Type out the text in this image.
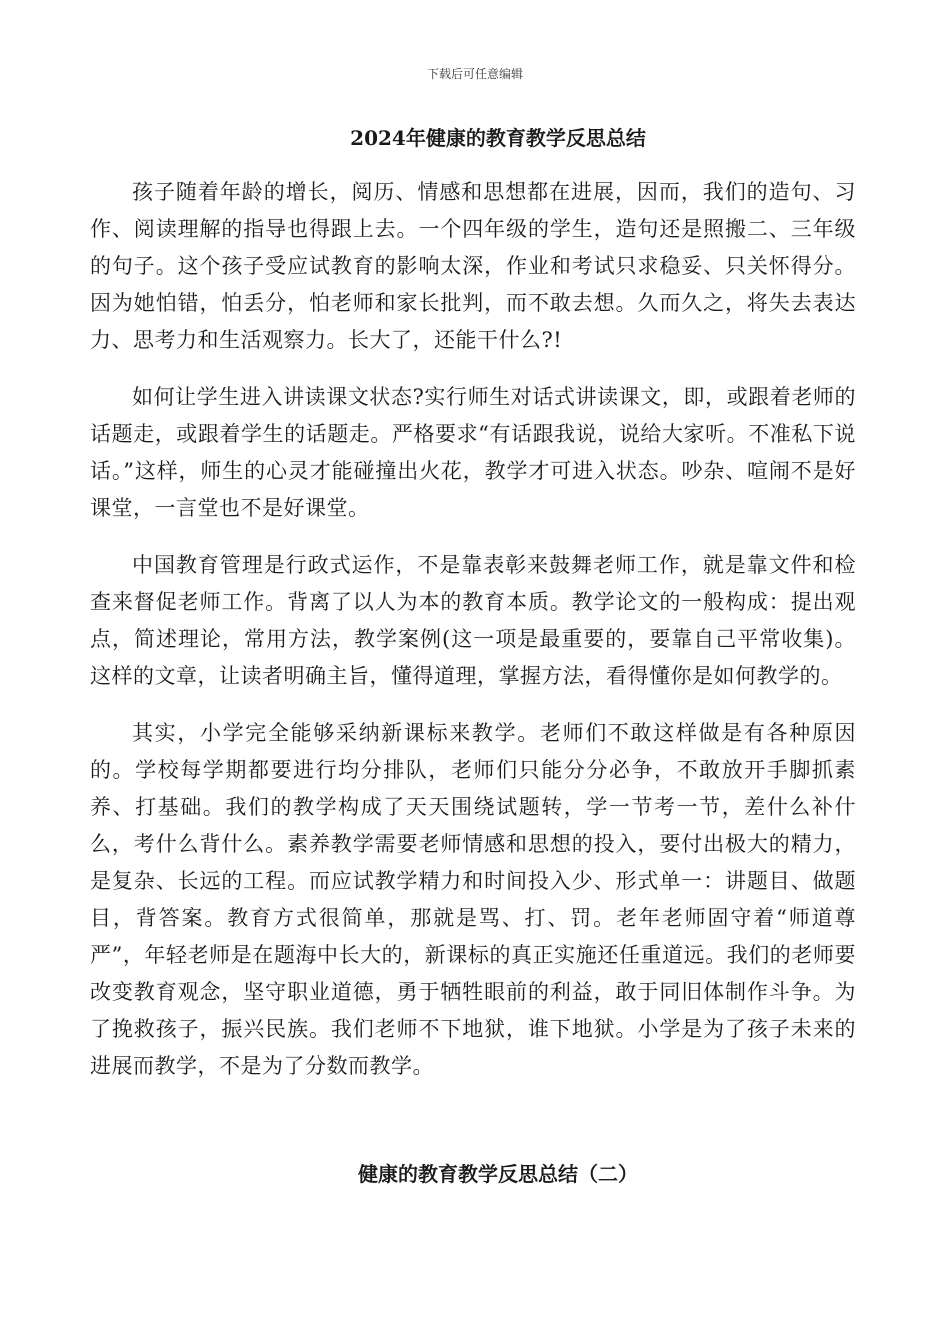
下载后可任意编辑
2024年健康的教育教学反思总结

孩子随着年龄的增长，阅历、情感和思想都在进展，因而，我们的造句、习作、阅读理解的指导也得跟上去。一个四年级的学生，造句还是照搬二、三年级的句子。这个孩子受应试教育的影响太深，作业和考试只求稳妥、只关怀得分。因为她怕错，怕丢分，怕老师和家长批判，而不敢去想。久而久之，将失去表达力、思考力和生活观察力。长大了，还能干什么?!

如何让学生进入讲读课文状态?实行师生对话式讲读课文，即，或跟着老师的话题走，或跟着学生的话题走。严格要求“有话跟我说，说给大家听。不准私下说话。”这样，师生的心灵才能碰撞出火花，教学才可进入状态。吵杂、喧闹不是好课堂，一言堂也不是好课堂。

中国教育管理是行政式运作，不是靠表彰来鼓舞老师工作，就是靠文件和检查来督促老师工作。背离了以人为本的教育本质。教学论文的一般构成：提出观点，简述理论，常用方法，教学案例(这一项是最重要的，要靠自己平常收集)。这样的文章，让读者明确主旨，懂得道理，掌握方法，看得懂你是如何教学的。

其实，小学完全能够采纳新课标来教学。老师们不敢这样做是有各种原因的。学校每学期都要进行均分排队，老师们只能分分必争，不敢放开手脚抓素养、打基础。我们的教学构成了天天围绕试题转，学一节考一节，差什么补什么，考什么背什么。素养教学需要老师情感和思想的投入，要付出极大的精力，是复杂、长远的工程。而应试教学精力和时间投入少、形式单一：讲题目、做题目，背答案。教育方式很简单，那就是骂、打、罚。老年老师固守着“师道尊严”，年轻老师是在题海中长大的，新课标的真正实施还任重道远。我们的老师要改变教育观念，坚守职业道德，勇于牺牲眼前的利益，敢于同旧体制作斗争。为了挽救孩子，振兴民族。我们老师不下地狱，谁下地狱。小学是为了孩子未来的进展而教学，不是为了分数而教学。

健康的教育教学反思总结（二）
